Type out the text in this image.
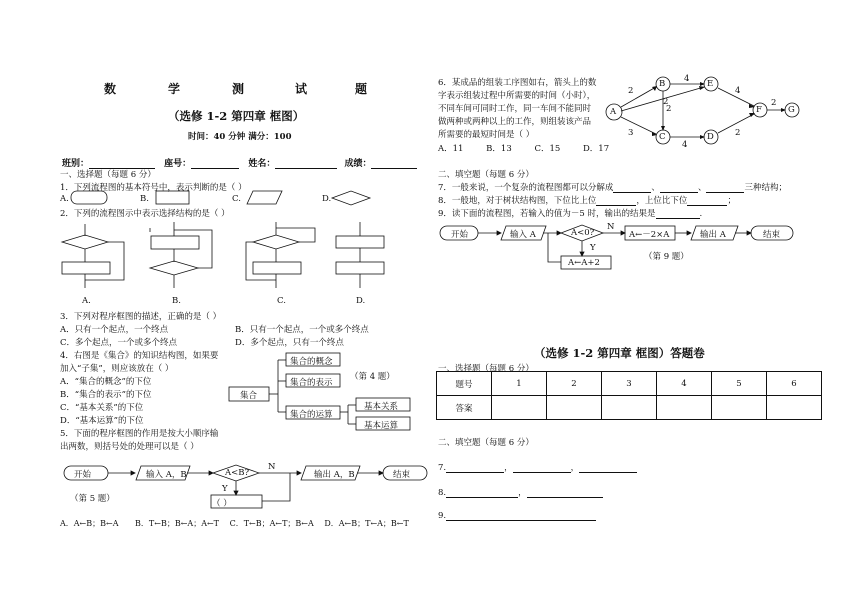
数	学	测	试	题
（选修 1-2 第四章 框图）
时间：40 分钟 满分：100
班别：	座号：	姓名：	成绩：
一、选择题（每题 6 分）
1．下列流程图的基本符号中，表示判断的是（ ）
A.	B.	C.	D.
2．下列的流程图示中表示选择结构的是（ ）
A.	B.	C.	D.
3．下列对程序框图的描述，正确的是（ ）
A．只有一个起点，一个终点	B．只有一个起点，一个或多个终点
C．多个起点，一个或多个终点	D．多个起点，只有一个终点
4．右图是《集合》的知识结构图，如果要
加入“子集”，则应该放在（ ）
A．“集合的概念”的下位
B．“集合的表示”的下位
C．“基本关系”的下位
D．“基本运算”的下位
集合
集合的概念
集合的表示
集合的运算
基本关系
基本运算
（第 4 题）
5．下面的程序框图的作用是按大小顺序输
出两数，则括号处的处理可以是（ ）
开始	输入 A，B	A<B?
N
Y
（ ）
输出 A，B	结束
（第 5 题）
A．A←B；B←A B．T←B；B←A；A←T C．T←B；A←T；B←A D．A←B；T←A；B←T
6．某成品的组装工序图如右，箭头上的数
字表示组装过程中所需要的时间（小时），
不同车间可同时工作，同一车间不能同时
做两种或两种以上的工作，则组装该产品
所需要的最短时间是（ ）
A．11	B．13	C．15	D．17
A
B
C	D
E
F	G
2
4
4
2
2
3
4
2
2
二、填空题（每题 6 分）
7．一般来说，一个复杂的流程图都可以分解成	、	、	三种结构；
8．一般地，对于树状结构图，下位比上位	，上位比下位	；
9．读下面的流程图，若输入的值为－5 时，输出的结果是	.
开始	输入 A	A<0?
N
Y
A←－2×A
A←A+2
输出 A	结束
（第 9 题）
（选修 1-2 第四章 框图）答题卷
一、选择题（每题 6 分）
题号	1	2	3	4	5	6
答案						
二、填空题（每题 6 分）
7.	，	，
8.	，
9.
